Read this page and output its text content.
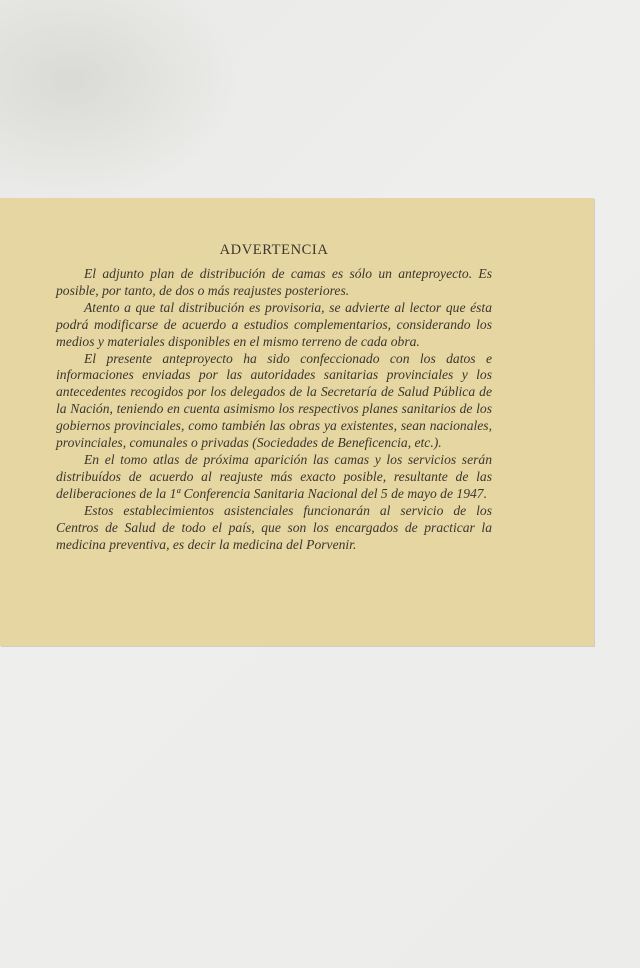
ADVERTENCIA

El adjunto plan de distribución de camas es sólo un anteproyecto. Es posible, por tanto, de dos o más reajustes posteriores.

Atento a que tal distribución es provisoria, se advierte al lector que ésta podrá modificarse de acuerdo a estudios complementarios, considerando los medios y materiales disponibles en el mismo terreno de cada obra.

El presente anteproyecto ha sido confeccionado con los datos e informaciones enviadas por las autoridades sanitarias provinciales y los antecedentes recogidos por los delegados de la Secretaría de Salud Pública de la Nación, teniendo en cuenta asimismo los respectivos planes sanitarios de los gobiernos provinciales, como también las obras ya existentes, sean nacionales, provinciales, comunales o privadas (Sociedades de Beneficencia, etc.).

En el tomo atlas de próxima aparición las camas y los servicios serán distribuídos de acuerdo al reajuste más exacto posible, resultante de las deliberaciones de la 1ª Conferencia Sanitaria Nacional del 5 de mayo de 1947.

Estos establecimientos asistenciales funcionarán al servicio de los Centros de Salud de todo el país, que son los encargados de practicar la medicina preventiva, es decir la medicina del Porvenir.
